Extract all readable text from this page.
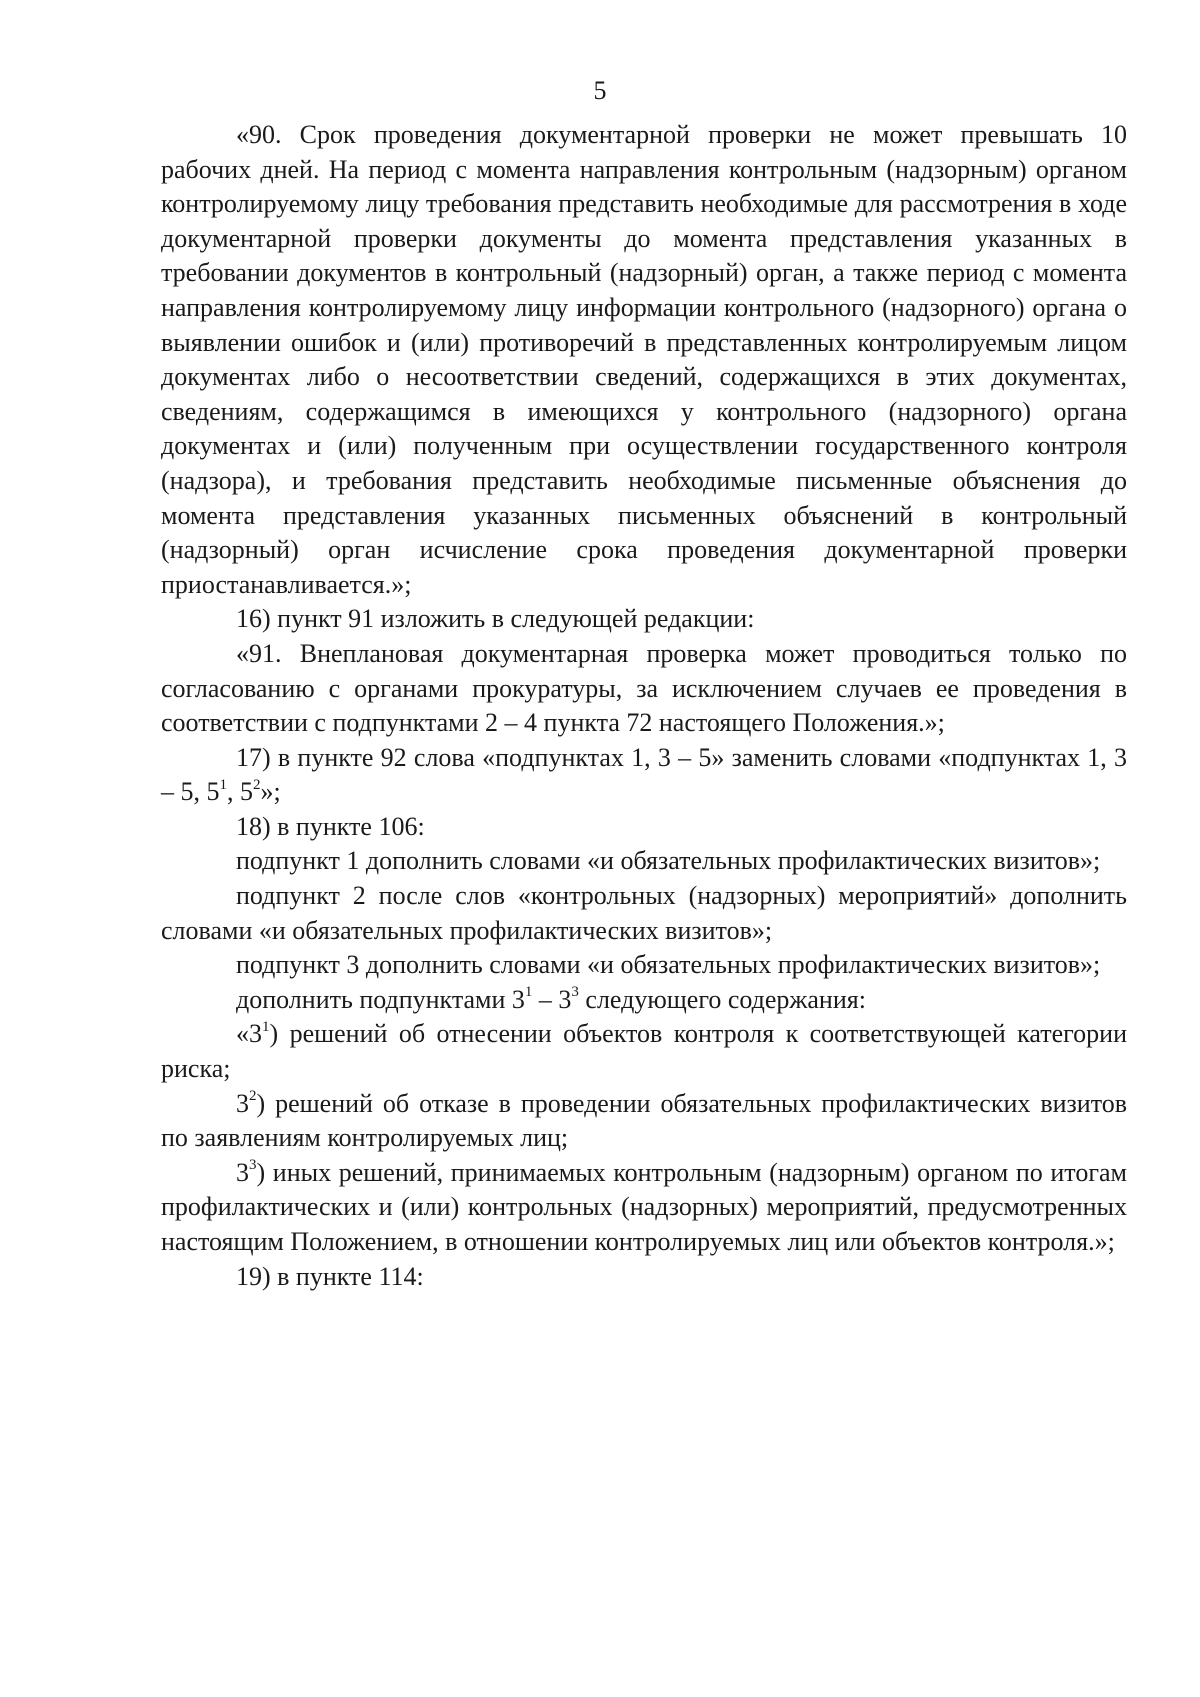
5

«90. Срок проведения документарной проверки не может превышать 10 рабочих дней. На период с момента направления контрольным (надзорным) органом контролируемому лицу требования представить необходимые для рассмотрения в ходе документарной проверки документы до момента представления указанных в требовании документов в контрольный (надзорный) орган, а также период с момента направления контролируемому лицу информации контрольного (надзорного) органа о выявлении ошибок и (или) противоречий в представленных контролируемым лицом документах либо о несоответствии сведений, содержащихся в этих документах, сведениям, содержащимся в имеющихся у контрольного (надзорного) органа документах и (или) полученным при осуществлении государственного контроля (надзора), и требования представить необходимые письменные объяснения до момента представления указанных письменных объяснений в контрольный (надзорный) орган исчисление срока проведения документарной проверки приостанавливается.»;

16) пункт 91 изложить в следующей редакции:

«91. Внеплановая документарная проверка может проводиться только по согласованию с органами прокуратуры, за исключением случаев ее проведения в соответствии с подпунктами 2 – 4 пункта 72 настоящего Положения.»;

17) в пункте 92 слова «подпунктах 1, 3 – 5» заменить словами «подпунктах 1, 3 – 5, $5^1$, $5^2$»;

18) в пункте 106:

подпункт 1 дополнить словами «и обязательных профилактических визитов»;

подпункт 2 после слов «контрольных (надзорных) мероприятий» дополнить словами «и обязательных профилактических визитов»;

подпункт 3 дополнить словами «и обязательных профилактических визитов»;

дополнить подпунктами $3^1 - 3^3$ следующего содержания:

«$3^1$) решений об отнесении объектов контроля к соответствующей категории риска;

$3^2$) решений об отказе в проведении обязательных профилактических визитов по заявлениям контролируемых лиц;

$3^3$) иных решений, принимаемых контрольным (надзорным) органом по итогам профилактических и (или) контрольных (надзорных) мероприятий, предусмотренных настоящим Положением, в отношении контролируемых лиц или объектов контроля.»;

19) в пункте 114:
